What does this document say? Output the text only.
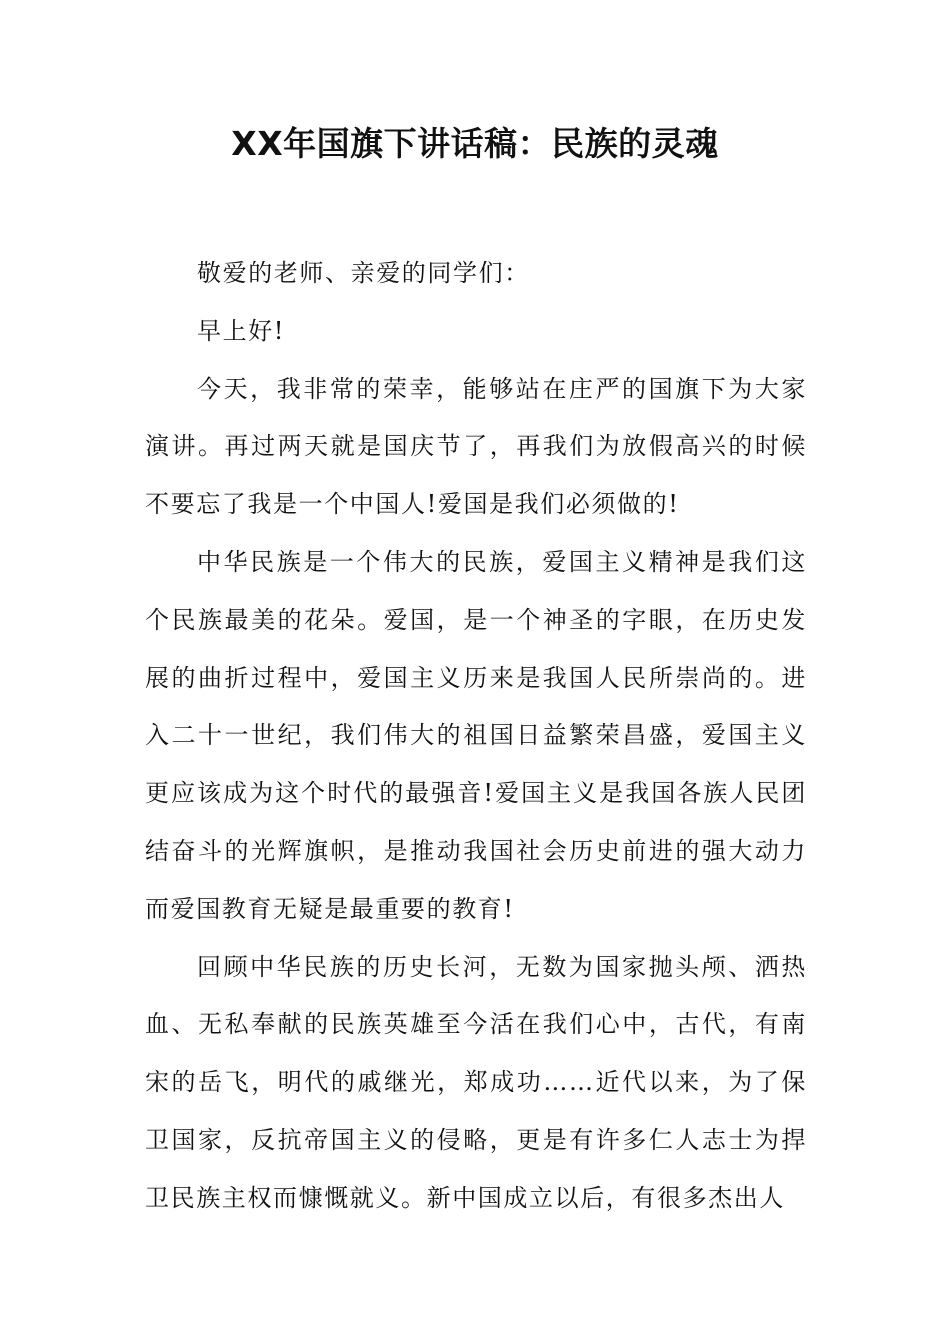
XX年国旗下讲话稿：民族的灵魂

敬爱的老师、亲爱的同学们：

早上好!

今天，我非常的荣幸，能够站在庄严的国旗下为大家演讲。再过两天就是国庆节了，再我们为放假高兴的时候不要忘了我是一个中国人!爱国是我们必须做的!

中华民族是一个伟大的民族，爱国主义精神是我们这个民族最美的花朵。爱国，是一个神圣的字眼，在历史发展的曲折过程中，爱国主义历来是我国人民所崇尚的。进入二十一世纪，我们伟大的祖国日益繁荣昌盛，爱国主义更应该成为这个时代的最强音!爱国主义是我国各族人民团结奋斗的光辉旗帜，是推动我国社会历史前进的强大动力而爱国教育无疑是最重要的教育!

回顾中华民族的历史长河，无数为国家抛头颅、洒热血、无私奉献的民族英雄至今活在我们心中，古代，有南宋的岳飞，明代的戚继光，郑成功……近代以来，为了保卫国家，反抗帝国主义的侵略，更是有许多仁人志士为捍卫民族主权而慷慨就义。新中国成立以后，有很多杰出人
